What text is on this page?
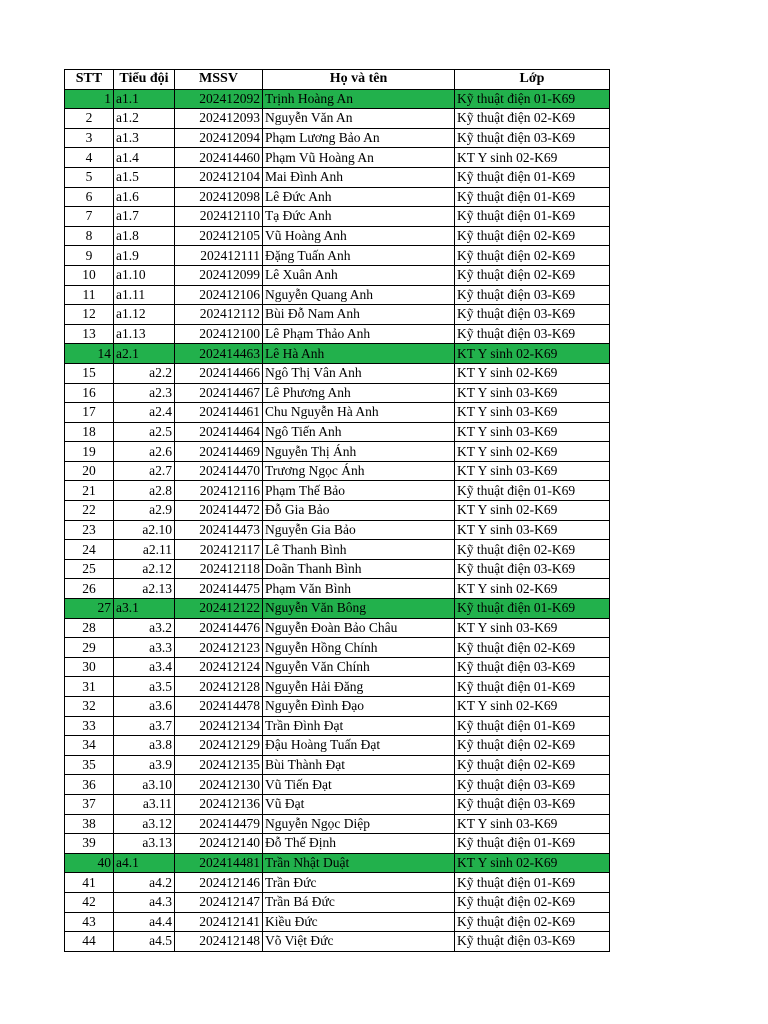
STT	Tiểu đội	MSSV	Họ và tên	Lớp
1	a1.1	202412092	Trịnh Hoàng An	Kỹ thuật điện 01-K69
2	a1.2	202412093	Nguyễn Văn An	Kỹ thuật điện 02-K69
3	a1.3	202412094	Phạm Lương Bảo An	Kỹ thuật điện 03-K69
4	a1.4	202414460	Phạm Vũ Hoàng An	KT Y sinh 02-K69
5	a1.5	202412104	Mai Đình Anh	Kỹ thuật điện 01-K69
6	a1.6	202412098	Lê Đức Anh	Kỹ thuật điện 01-K69
7	a1.7	202412110	Tạ Đức Anh	Kỹ thuật điện 01-K69
8	a1.8	202412105	Vũ Hoàng Anh	Kỹ thuật điện 02-K69
9	a1.9	202412111	Đặng Tuấn Anh	Kỹ thuật điện 02-K69
10	a1.10	202412099	Lê Xuân Anh	Kỹ thuật điện 02-K69
11	a1.11	202412106	Nguyễn Quang Anh	Kỹ thuật điện 03-K69
12	a1.12	202412112	Bùi Đỗ Nam Anh	Kỹ thuật điện 03-K69
13	a1.13	202412100	Lê Phạm Thảo Anh	Kỹ thuật điện 03-K69
14	a2.1	202414463	Lê Hà Anh	KT Y sinh 02-K69
15	a2.2	202414466	Ngô Thị Vân Anh	KT Y sinh 02-K69
16	a2.3	202414467	Lê Phương Anh	KT Y sinh 03-K69
17	a2.4	202414461	Chu Nguyễn Hà Anh	KT Y sinh 03-K69
18	a2.5	202414464	Ngô Tiến Anh	KT Y sinh 03-K69
19	a2.6	202414469	Nguyễn Thị Ánh	KT Y sinh 02-K69
20	a2.7	202414470	Trương Ngọc Ánh	KT Y sinh 03-K69
21	a2.8	202412116	Phạm Thế Bảo	Kỹ thuật điện 01-K69
22	a2.9	202414472	Đỗ Gia Bảo	KT Y sinh 02-K69
23	a2.10	202414473	Nguyễn Gia Bảo	KT Y sinh 03-K69
24	a2.11	202412117	Lê Thanh Bình	Kỹ thuật điện 02-K69
25	a2.12	202412118	Doãn Thanh Bình	Kỹ thuật điện 03-K69
26	a2.13	202414475	Phạm Văn Bình	KT Y sinh 02-K69
27	a3.1	202412122	Nguyễn Văn Bông	Kỹ thuật điện 01-K69
28	a3.2	202414476	Nguyễn Đoàn Bảo Châu	KT Y sinh 03-K69
29	a3.3	202412123	Nguyễn Hồng Chính	Kỹ thuật điện 02-K69
30	a3.4	202412124	Nguyễn Văn Chính	Kỹ thuật điện 03-K69
31	a3.5	202412128	Nguyễn Hải Đăng	Kỹ thuật điện 01-K69
32	a3.6	202414478	Nguyễn Đình Đạo	KT Y sinh 02-K69
33	a3.7	202412134	Trần Đình Đạt	Kỹ thuật điện 01-K69
34	a3.8	202412129	Đậu Hoàng Tuấn Đạt	Kỹ thuật điện 02-K69
35	a3.9	202412135	Bùi Thành Đạt	Kỹ thuật điện 02-K69
36	a3.10	202412130	Vũ Tiến Đạt	Kỹ thuật điện 03-K69
37	a3.11	202412136	Vũ Đạt	Kỹ thuật điện 03-K69
38	a3.12	202414479	Nguyễn Ngọc Diệp	KT Y sinh 03-K69
39	a3.13	202412140	Đỗ Thế Định	Kỹ thuật điện 01-K69
40	a4.1	202414481	Trần Nhật Duật	KT Y sinh 02-K69
41	a4.2	202412146	Trần Đức	Kỹ thuật điện 01-K69
42	a4.3	202412147	Trần Bá Đức	Kỹ thuật điện 02-K69
43	a4.4	202412141	Kiều Đức	Kỹ thuật điện 02-K69
44	a4.5	202412148	Võ Việt Đức	Kỹ thuật điện 03-K69
